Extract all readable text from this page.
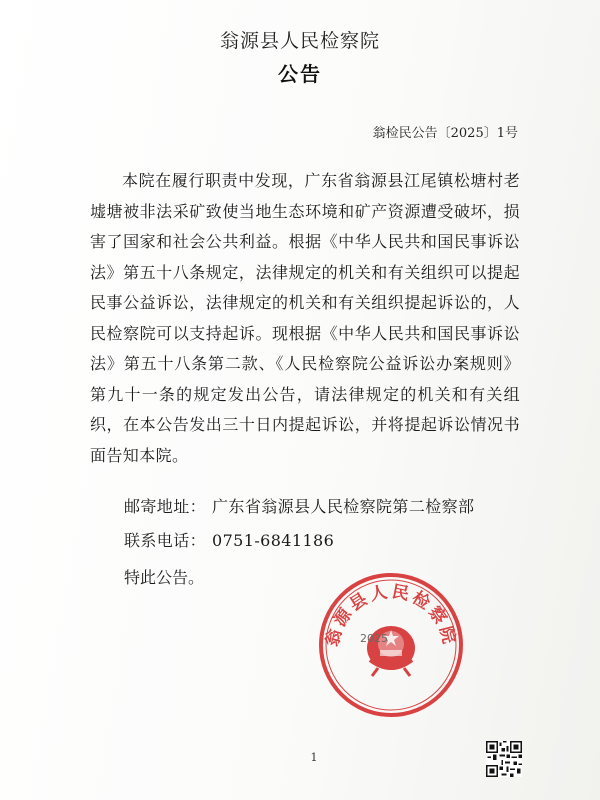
翁源县人民检察院
公告
翁检民公告〔2025〕1号
本院在履行职责中发现，广东省翁源县江尾镇松塘村老墟塘被非法采矿致使当地生态环境和矿产资源遭受破坏，损害了国家和社会公共利益。根据《中华人民共和国民事诉讼法》第五十八条规定，法律规定的机关和有关组织可以提起民事公益诉讼，法律规定的机关和有关组织提起诉讼的，人民检察院可以支持起诉。现根据《中华人民共和国民事诉讼法》第五十八条第二款、《人民检察院公益诉讼办案规则》第九十一条的规定发出公告，请法律规定的机关和有关组织，在本公告发出三十日内提起诉讼，并将提起诉讼情况书面告知本院。
邮寄地址： 广东省翁源县人民检察院第二检察部
联系电话： 0751-6841186
特此公告。
翁源县人民检察院
2025
1
